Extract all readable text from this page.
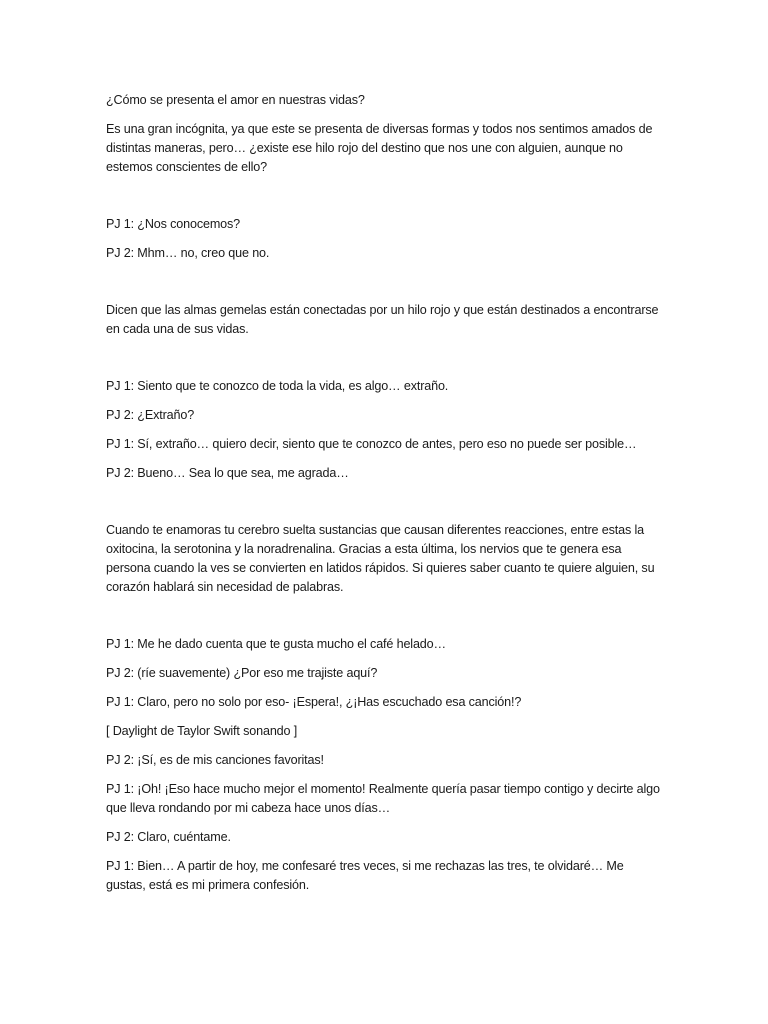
¿Cómo se presenta el amor en nuestras vidas?

Es una gran incógnita, ya que este se presenta de diversas formas y todos nos sentimos amados de distintas maneras, pero… ¿existe ese hilo rojo del destino que nos une con alguien, aunque no estemos conscientes de ello?

PJ 1: ¿Nos conocemos?

PJ 2: Mhm… no, creo que no.

Dicen que las almas gemelas están conectadas por un hilo rojo y que están destinados a encontrarse en cada una de sus vidas.

PJ 1: Siento que te conozco de toda la vida, es algo… extraño.

PJ 2: ¿Extraño?

PJ 1: Sí, extraño… quiero decir, siento que te conozco de antes, pero eso no puede ser posible…

PJ 2: Bueno… Sea lo que sea, me agrada…

Cuando te enamoras tu cerebro suelta sustancias que causan diferentes reacciones, entre estas la oxitocina, la serotonina y la noradrenalina. Gracias a esta última, los nervios que te genera esa persona cuando la ves se convierten en latidos rápidos. Si quieres saber cuanto te quiere alguien, su corazón hablará sin necesidad de palabras.

PJ 1: Me he dado cuenta que te gusta mucho el café helado…

PJ 2: (ríe suavemente) ¿Por eso me trajiste aquí?

PJ 1: Claro, pero no solo por eso- ¡Espera!, ¿¡Has escuchado esa canción!?

[ Daylight de Taylor Swift sonando ]

PJ 2: ¡Sí, es de mis canciones favoritas!

PJ 1: ¡Oh! ¡Eso hace mucho mejor el momento! Realmente quería pasar tiempo contigo y decirte algo que lleva rondando por mi cabeza hace unos días…

PJ 2: Claro, cuéntame.

PJ 1: Bien… A partir de hoy, me confesaré tres veces, si me rechazas las tres, te olvidaré… Me gustas, está es mi primera confesión.
